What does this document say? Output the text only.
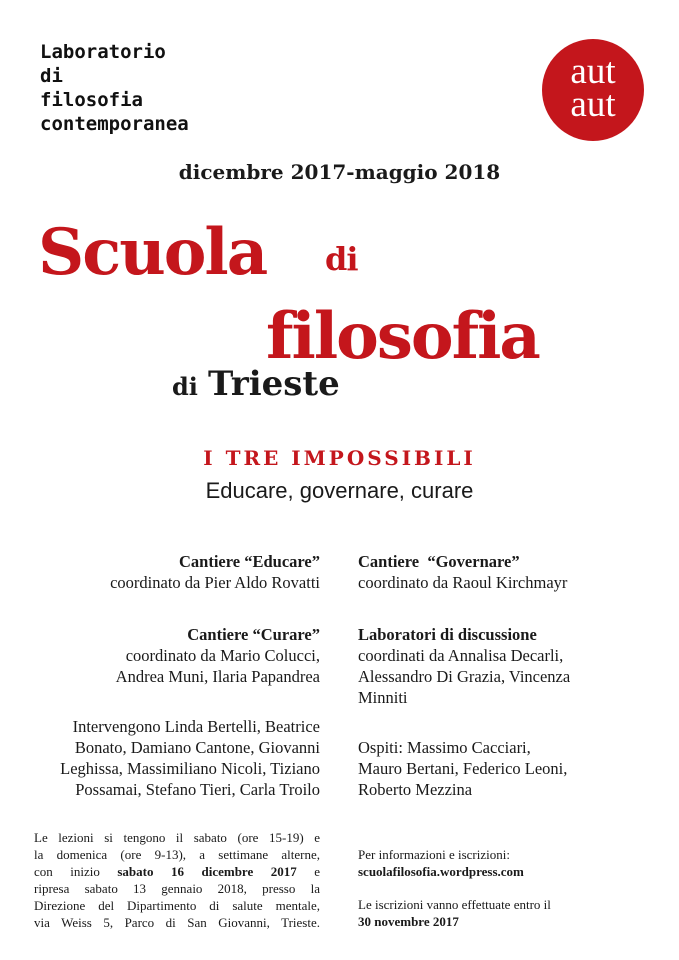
Laboratorio
di
filosofia
contemporanea
aut
aut
dicembre 2017-maggio 2018
Scuola di
filosofia
di Trieste
I TRE IMPOSSIBILI
Educare, governare, curare
Cantiere “Educare”
coordinato da Pier Aldo Rovatti
Cantiere “Curare”
coordinato da Mario Colucci,
Andrea Muni, Ilaria Papandrea
Intervengono Linda Bertelli, Beatrice
Bonato, Damiano Cantone, Giovanni
Leghissa, Massimiliano Nicoli, Tiziano
Possamai, Stefano Tieri, Carla Troilo
Cantiere  “Governare”
coordinato da Raoul Kirchmayr
Laboratori di discussione
coordinati da Annalisa Decarli,
Alessandro Di Grazia, Vincenza
Minniti
Ospiti: Massimo Cacciari,
Mauro Bertani, Federico Leoni,
Roberto Mezzina
Le lezioni si tengono il sabato (ore 15-19) e
la domenica (ore 9-13), a settimane alterne,
con inizio sabato 16 dicembre 2017 e
ripresa sabato 13 gennaio 2018, presso la
Direzione del Dipartimento di salute mentale,
via Weiss 5, Parco di San Giovanni, Trieste.
Per informazioni e iscrizioni:
scuolafilosofia.wordpress.com
Le iscrizioni vanno effettuate entro il
30 novembre 2017
